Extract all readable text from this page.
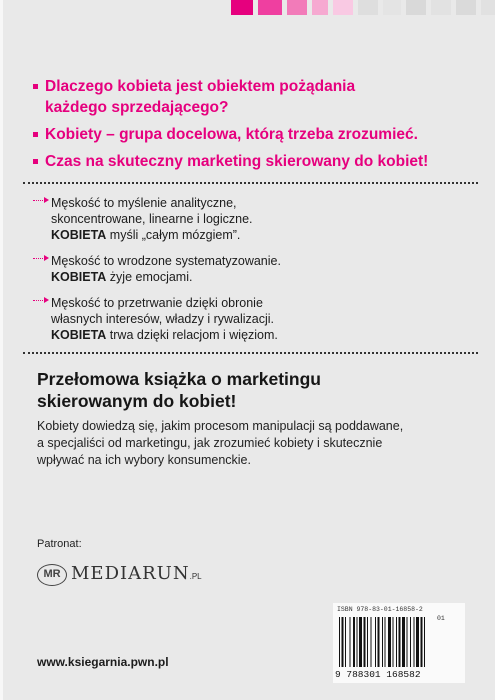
Dlaczego kobieta jest obiektem pożądania
każdego sprzedającego?
Kobiety – grupa docelowa, którą trzeba zrozumieć.
Czas na skuteczny marketing skierowany do kobiet!
Męskość to myślenie analityczne,
skoncentrowane, linearne i logiczne.
KOBIETA myśli „całym mózgiem”.
Męskość to wrodzone systematyzowanie.
KOBIETA żyje emocjami.
Męskość to przetrwanie dzięki obronie
własnych interesów, władzy i rywalizacji.
KOBIETA trwa dzięki relacjom i więziom.
Przełomowa książka o marketingu
skierowanym do kobiet!
Kobiety dowiedzą się, jakim procesom manipulacji są poddawane,
a specjaliści od marketingu, jak zrozumieć kobiety i skutecznie
wpływać na ich wybory konsumenckie.
Patronat:
MR MEDIARUN.PL
ISBN 978-83-01-16858-2
01
9 788301 168582
www.ksiegarnia.pwn.pl
